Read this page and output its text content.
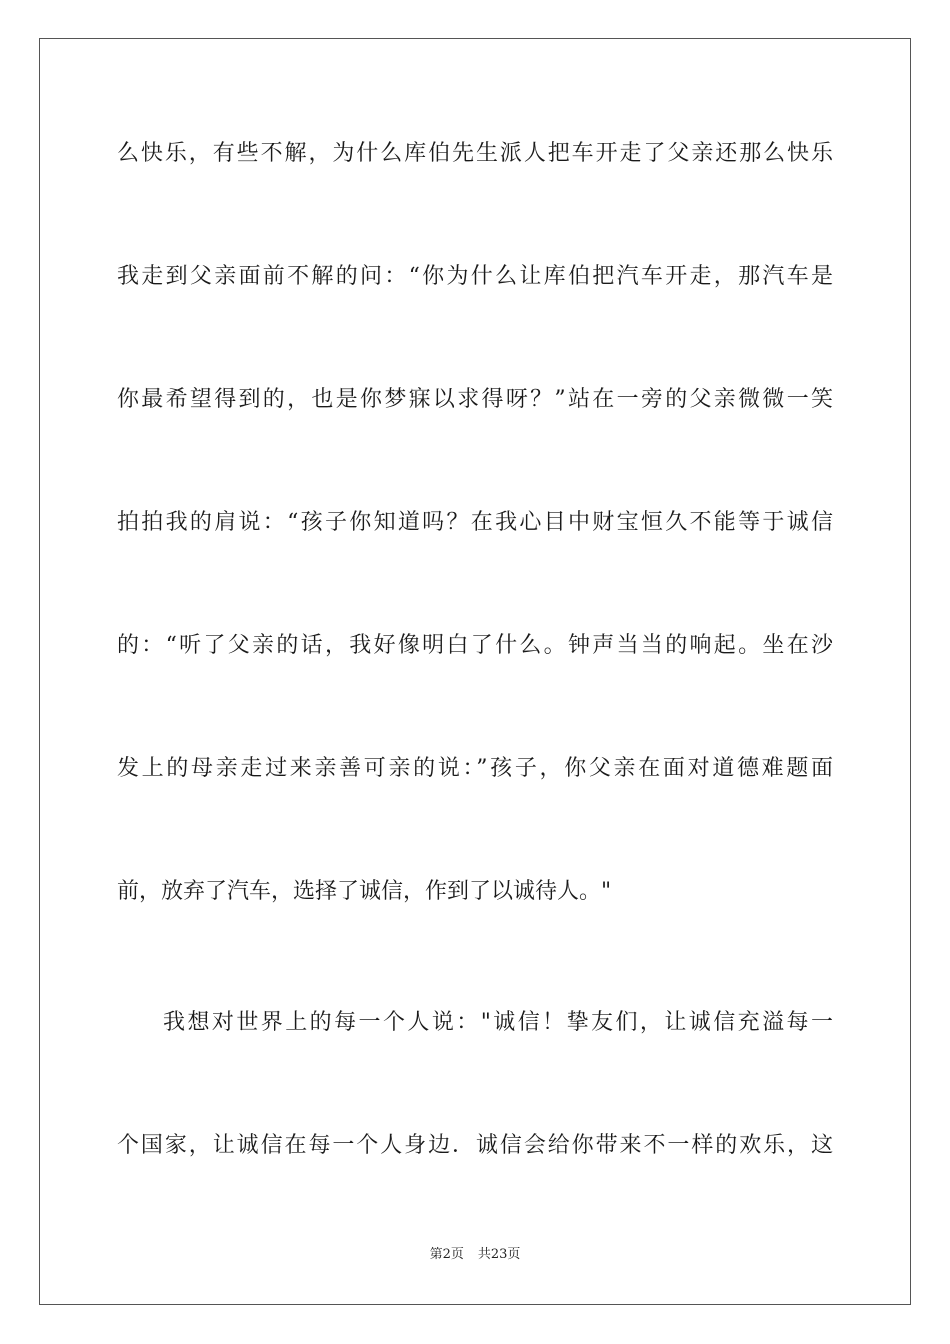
么快乐，有些不解，为什么库伯先生派人把车开走了父亲还那么快乐
我走到父亲面前不解的问：“你为什么让库伯把汽车开走，那汽车是
你最希望得到的，也是你梦寐以求得呀？”站在一旁的父亲微微一笑
拍拍我的肩说：“孩子你知道吗？在我心目中财宝恒久不能等于诚信
的：“听了父亲的话，我好像明白了什么。钟声当当的响起。坐在沙
发上的母亲走过来亲善可亲的说：”孩子，你父亲在面对道德难题面
前，放弃了汽车，选择了诚信，作到了以诚待人。"
我想对世界上的每一个人说："诚信！挚友们，让诚信充溢每一
个国家，让诚信在每一个人身边．诚信会给你带来不一样的欢乐，这
第2页 共23页
